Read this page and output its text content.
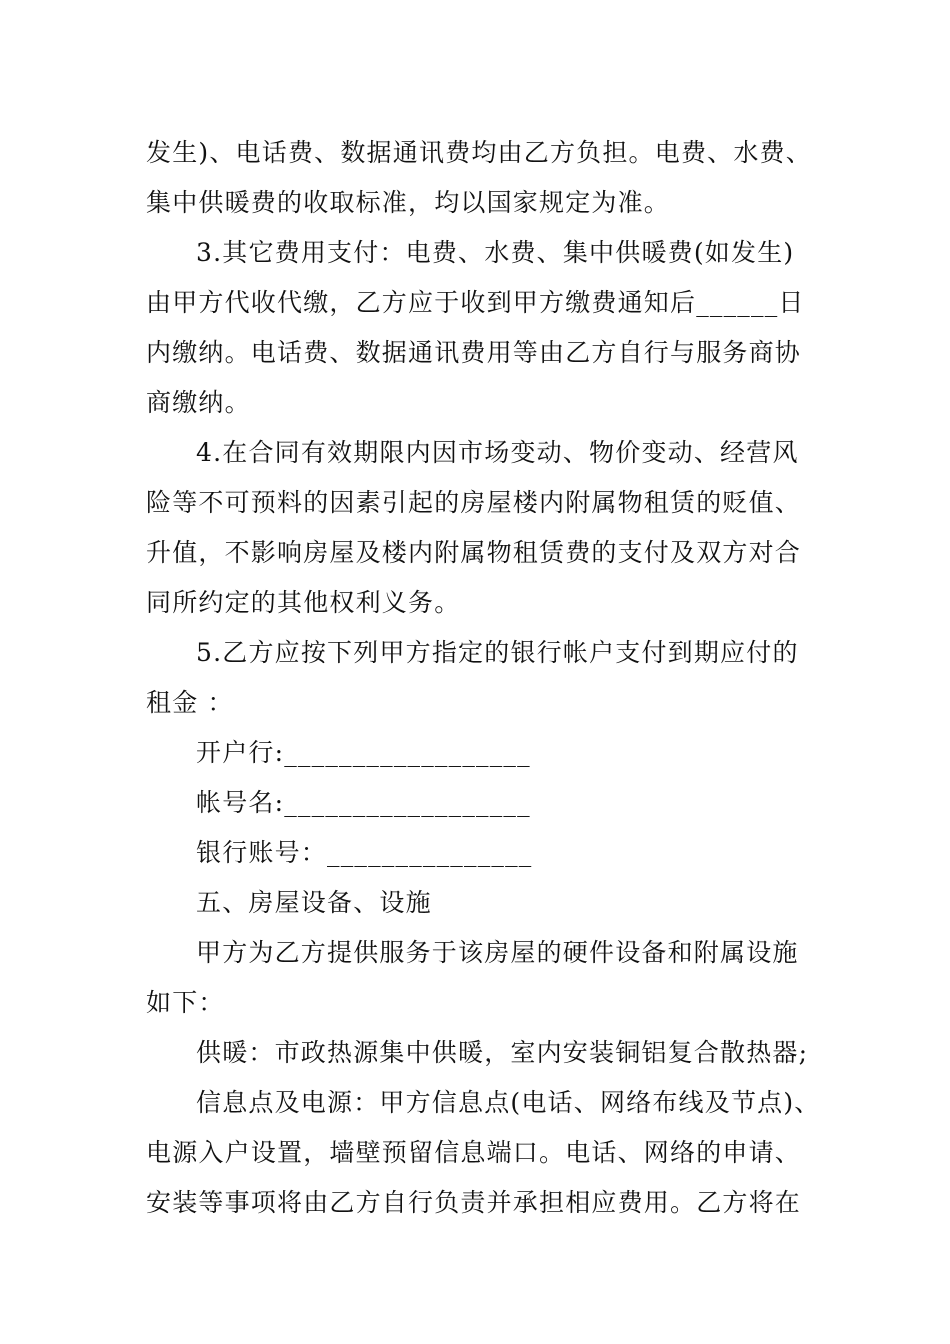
发生)、电话费、数据通讯费均由乙方负担。电费、水费、
集中供暖费的收取标准，均以国家规定为准。
3.其它费用支付：电费、水费、集中供暖费(如发生)
由甲方代收代缴，乙方应于收到甲方缴费通知后______日
内缴纳。电话费、数据通讯费用等由乙方自行与服务商协
商缴纳。
4.在合同有效期限内因市场变动、物价变动、经营风
险等不可预料的因素引起的房屋楼内附属物租赁的贬值、
升值，不影响房屋及楼内附属物租赁费的支付及双方对合
同所约定的其他权利义务。
5.乙方应按下列甲方指定的银行帐户支付到期应付的
租金 ：
开户行:__________________
帐号名:__________________
银行账号：_______________
五、房屋设备、设施
甲方为乙方提供服务于该房屋的硬件设备和附属设施
如下：
供暖：市政热源集中供暖，室内安装铜铝复合散热器;
信息点及电源：甲方信息点(电话、网络布线及节点)、
电源入户设置，墙壁预留信息端口。电话、网络的申请、
安装等事项将由乙方自行负责并承担相应费用。乙方将在
